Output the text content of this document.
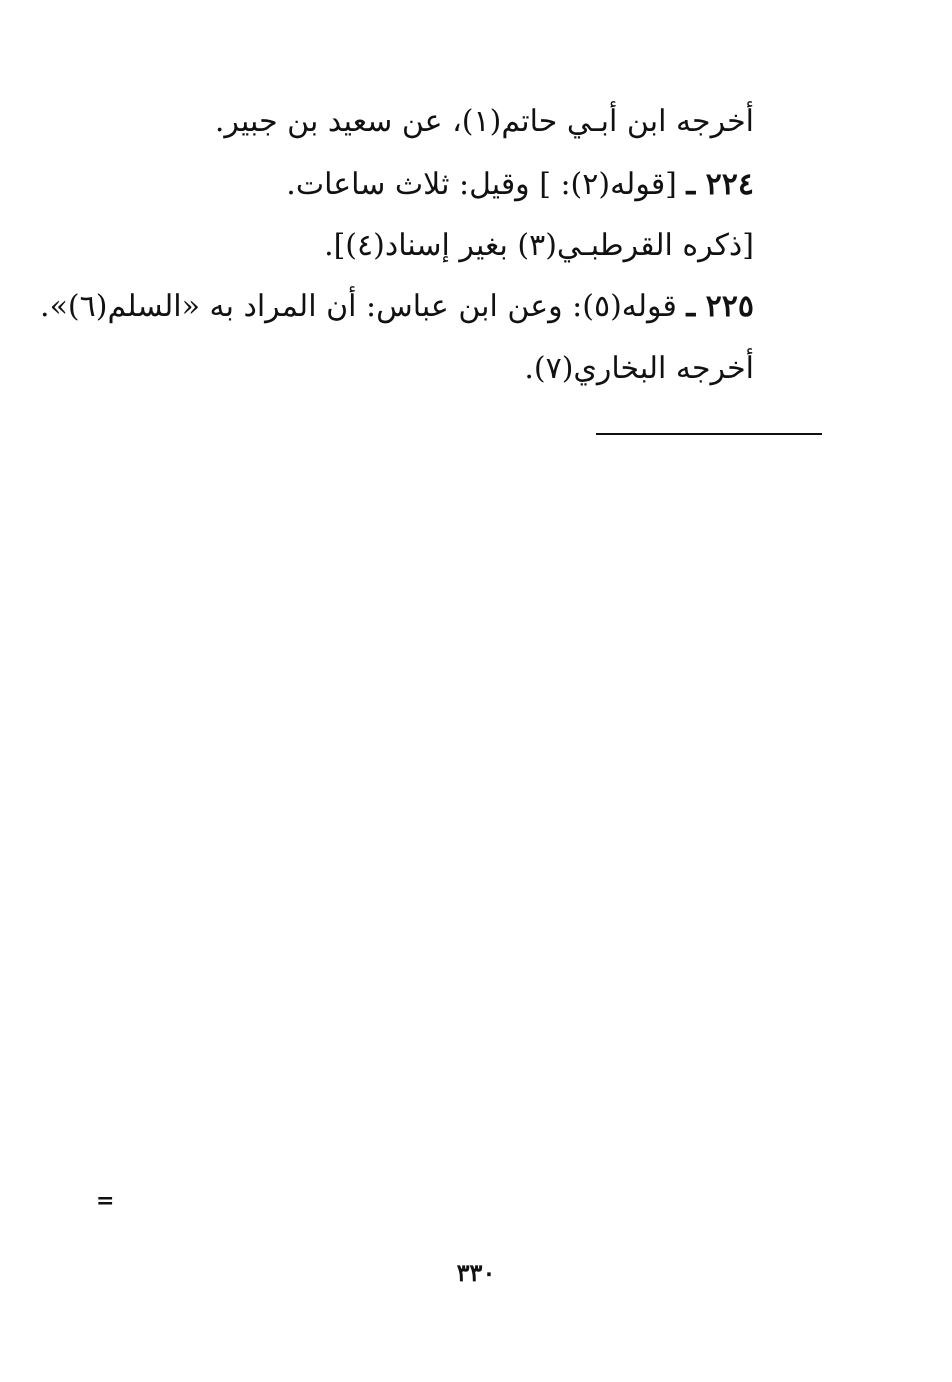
أخرجه ابن أبـي حاتم(١)، عن سعيد بن جبير.
٢٢٤ ـ [قوله(٢): ] وقيل: ثلاث ساعات.
[ذكره القرطبـي(٣) بغير إسناد(٤)].
٢٢٥ ـ قوله(٥): وعن ابن عباس: أن المراد به «السلم(٦)».
أخرجه البخاري(٧).
=
٣٣٠
